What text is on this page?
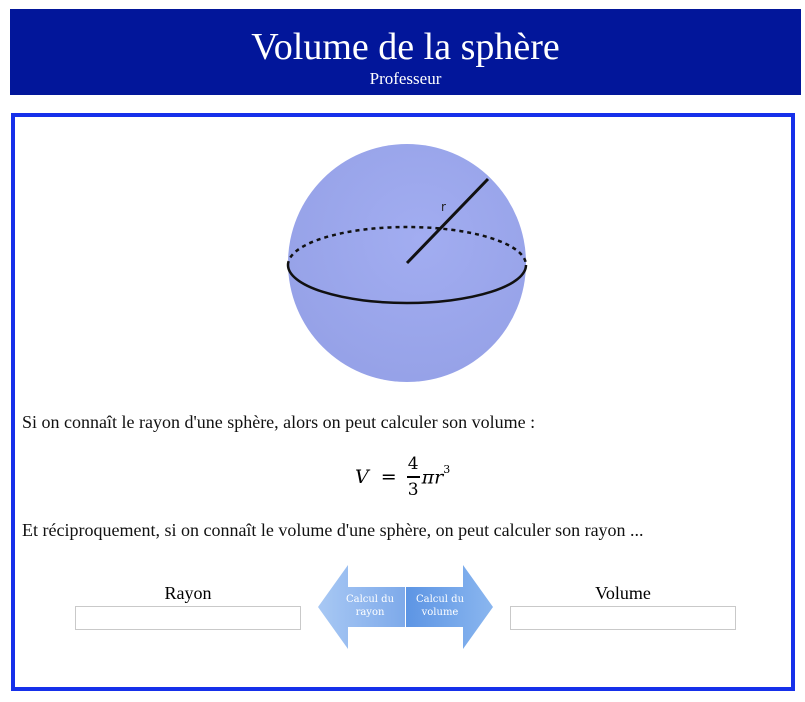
Volume de la sphère
Professeur
r
Si on connaît le rayon d'une sphère, alors on peut calculer son volume :
$V = \frac{4}{3} \pi r^3$
Et réciproquement, si on connaît le volume d'une sphère, on peut calculer son rayon ...
Rayon	Calcul du
rayon
Calcul du
volume
Volume
